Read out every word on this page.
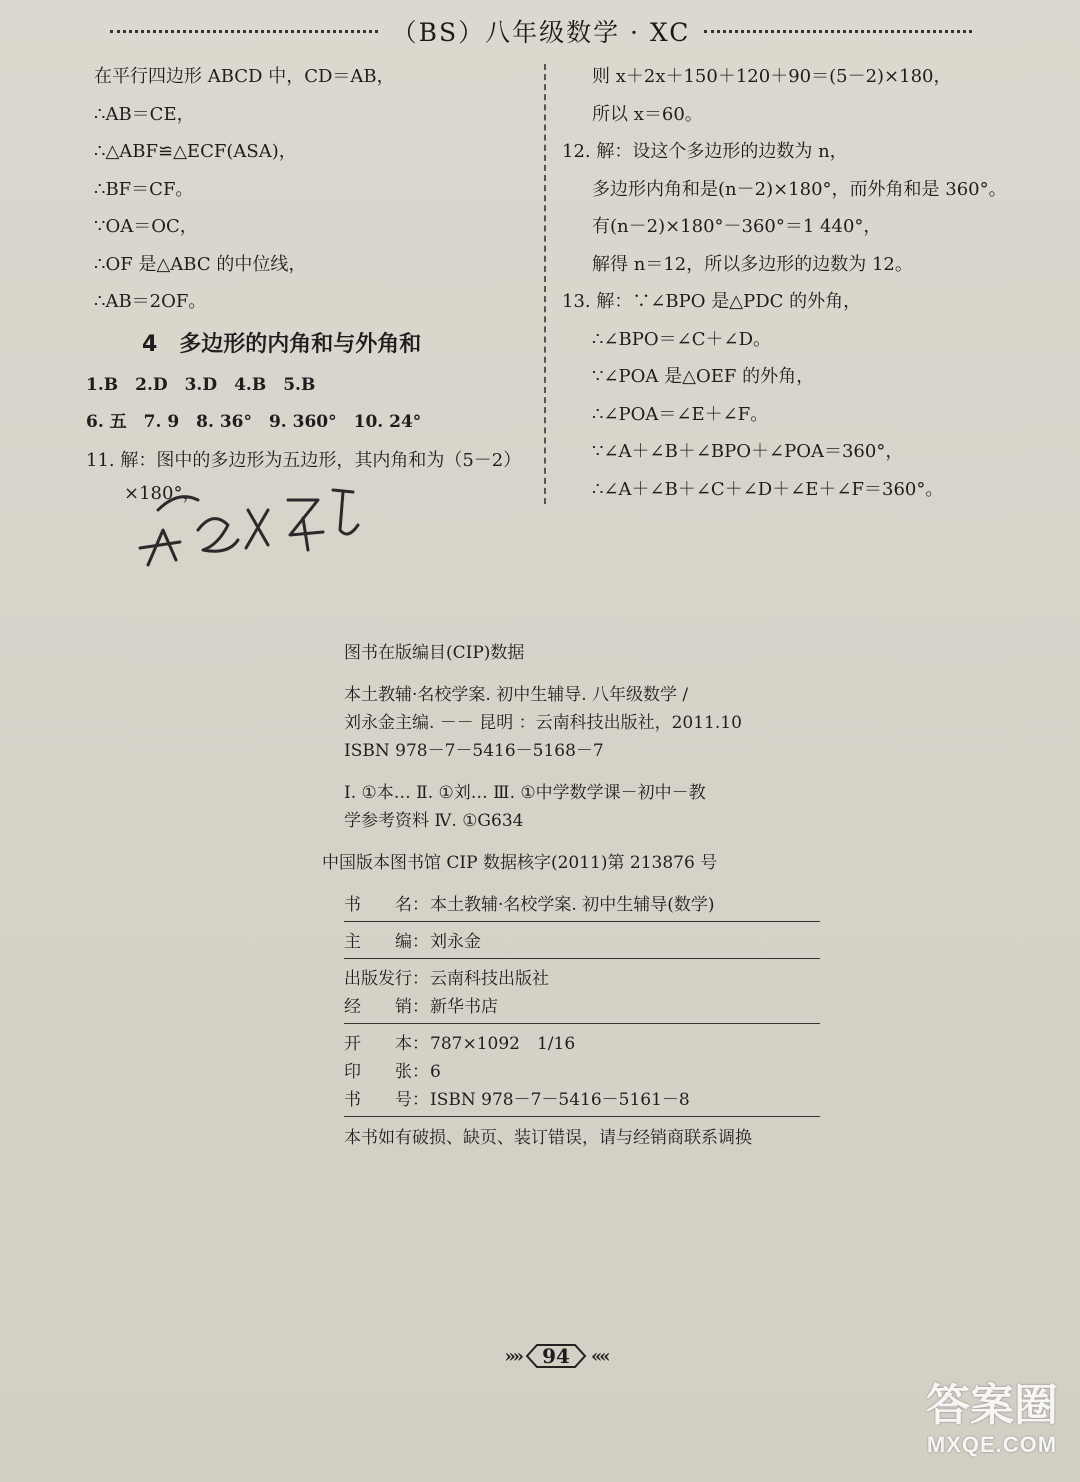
（BS）八年级数学 · XC
在平行四边形 ABCD 中，CD＝AB，
∴AB＝CE，
∴△ABF≌△ECF(ASA)，
∴BF＝CF。
∵OA＝OC，
∴OF 是△ABC 的中位线，
∴AB＝2OF。
4　多边形的内角和与外角和
1.B　2.D　3.D　4.B　5.B
6. 五　7. 9　8. 36°　9. 360°　10. 24°
11. 解：图中的多边形为五边形，其内角和为（5－2）
×180°，
则 x＋2x＋150＋120＋90＝(5－2)×180，
所以 x＝60。
12. 解：设这个多边形的边数为 n，
多边形内角和是(n－2)×180°，而外角和是 360°。
有(n－2)×180°－360°＝1 440°，
解得 n＝12，所以多边形的边数为 12。
13. 解：∵∠BPO 是△PDC 的外角，
∴∠BPO＝∠C＋∠D。
∵∠POA 是△OEF 的外角，
∴∠POA＝∠E＋∠F。
∵∠A＋∠B＋∠BPO＋∠POA＝360°，
∴∠A＋∠B＋∠C＋∠D＋∠E＋∠F＝360°。
图书在版编目(CIP)数据
本土教辅·名校学案. 初中生辅导. 八年级数学 /
刘永金主编. －－ 昆明 ：云南科技出版社，2011.10
ISBN 978－7－5416－5168－7
Ⅰ. ①本… Ⅱ. ①刘… Ⅲ. ①中学数学课－初中－教
学参考资料 Ⅳ. ①G634
中国版本图书馆 CIP 数据核字(2011)第 213876 号
书　　名：本土教辅·名校学案. 初中生辅导(数学)
主　　编：刘永金
出版发行：云南科技出版社
经　　销：新华书店
开　　本：787×1092　1/16
印　　张：6
书　　号：ISBN 978－7－5416－5161－8
本书如有破损、缺页、装订错误，请与经销商联系调换
»»	94	««
答案圈
MXQE.COM
